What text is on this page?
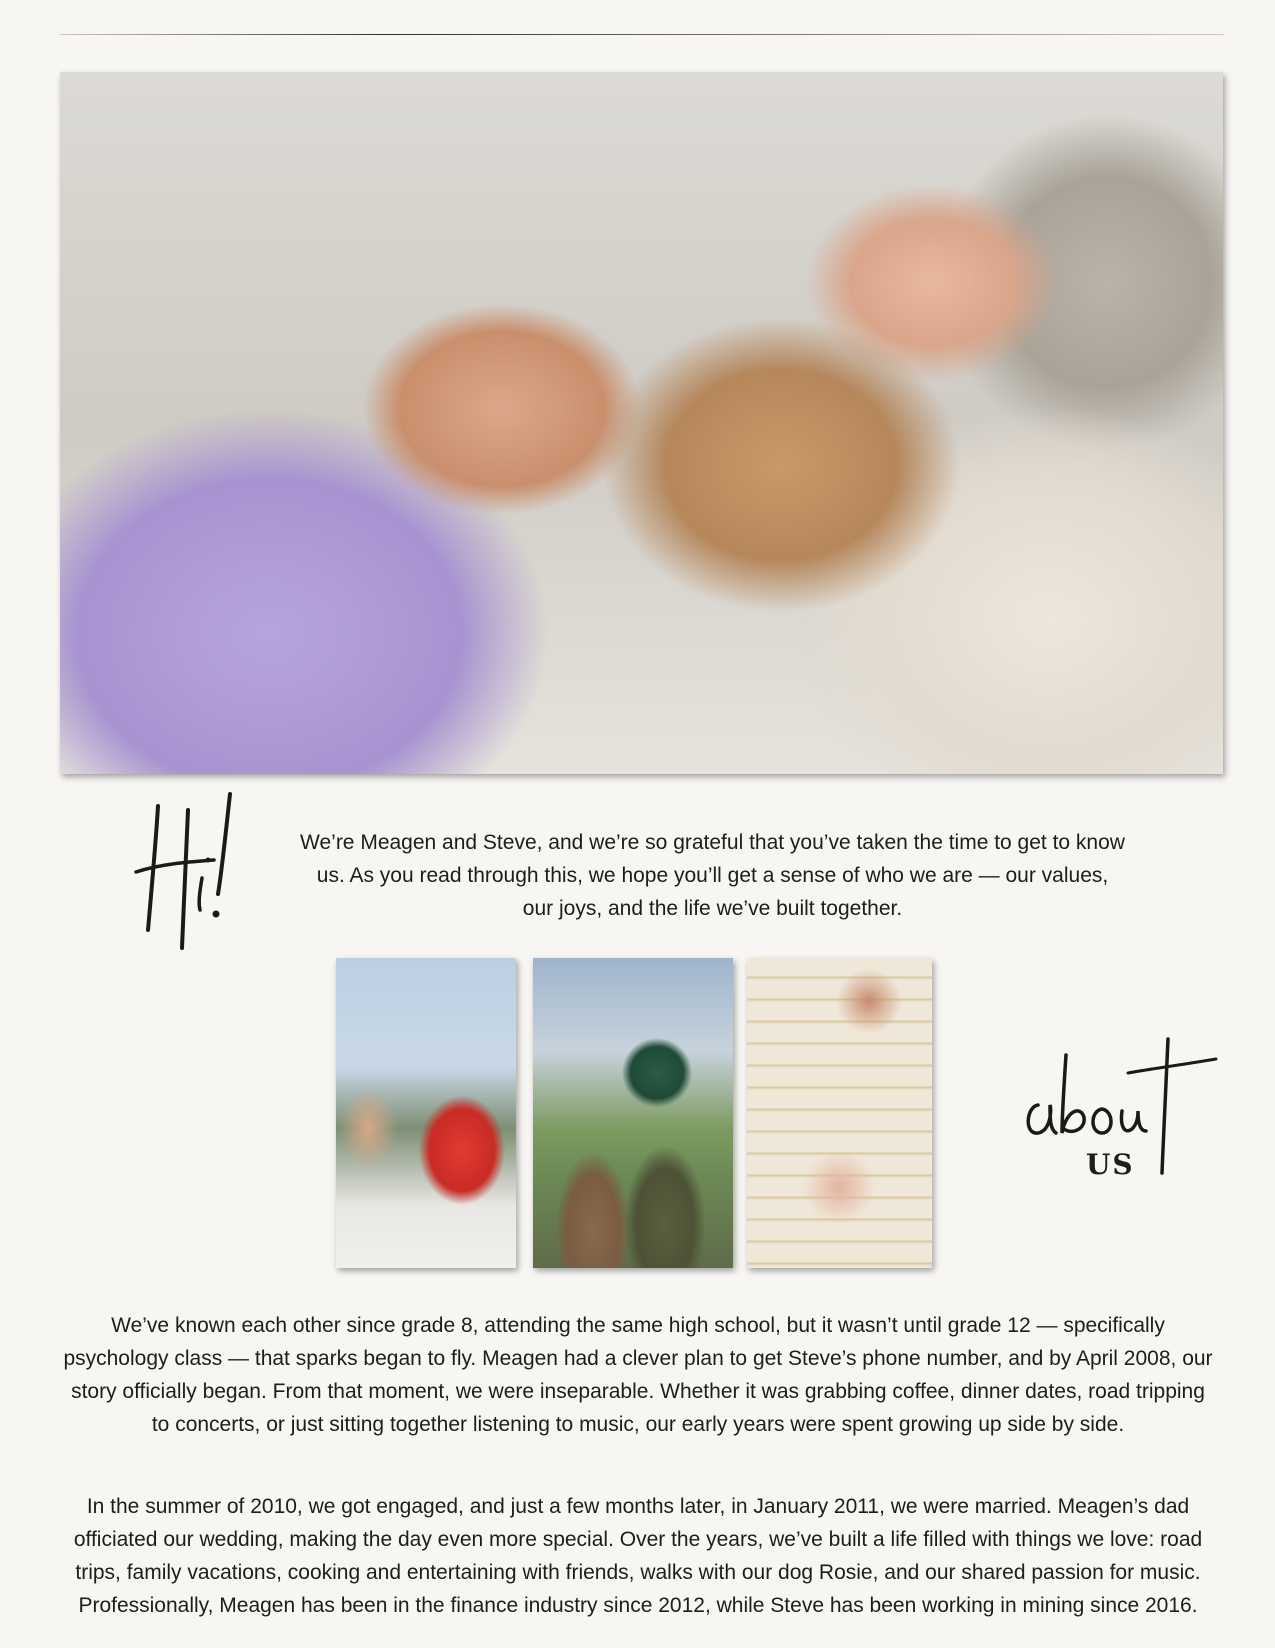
We’re Meagen and Steve, and we’re so grateful that you’ve taken the time to get to know us. As you read through this, we hope you’ll get a sense of who we are — our values, our joys, and the life we’ve built together.

US

We’ve known each other since grade 8, attending the same high school, but it wasn’t until grade 12 — specifically psychology class — that sparks began to fly. Meagen had a clever plan to get Steve’s phone number, and by April 2008, our story officially began. From that moment, we were inseparable. Whether it was grabbing coffee, dinner dates, road tripping to concerts, or just sitting together listening to music, our early years were spent growing up side by side.

In the summer of 2010, we got engaged, and just a few months later, in January 2011, we were married. Meagen’s dad officiated our wedding, making the day even more special. Over the years, we’ve built a life filled with things we love: road trips, family vacations, cooking and entertaining with friends, walks with our dog Rosie, and our shared passion for music. Professionally, Meagen has been in the finance industry since 2012, while Steve has been working in mining since 2016.
